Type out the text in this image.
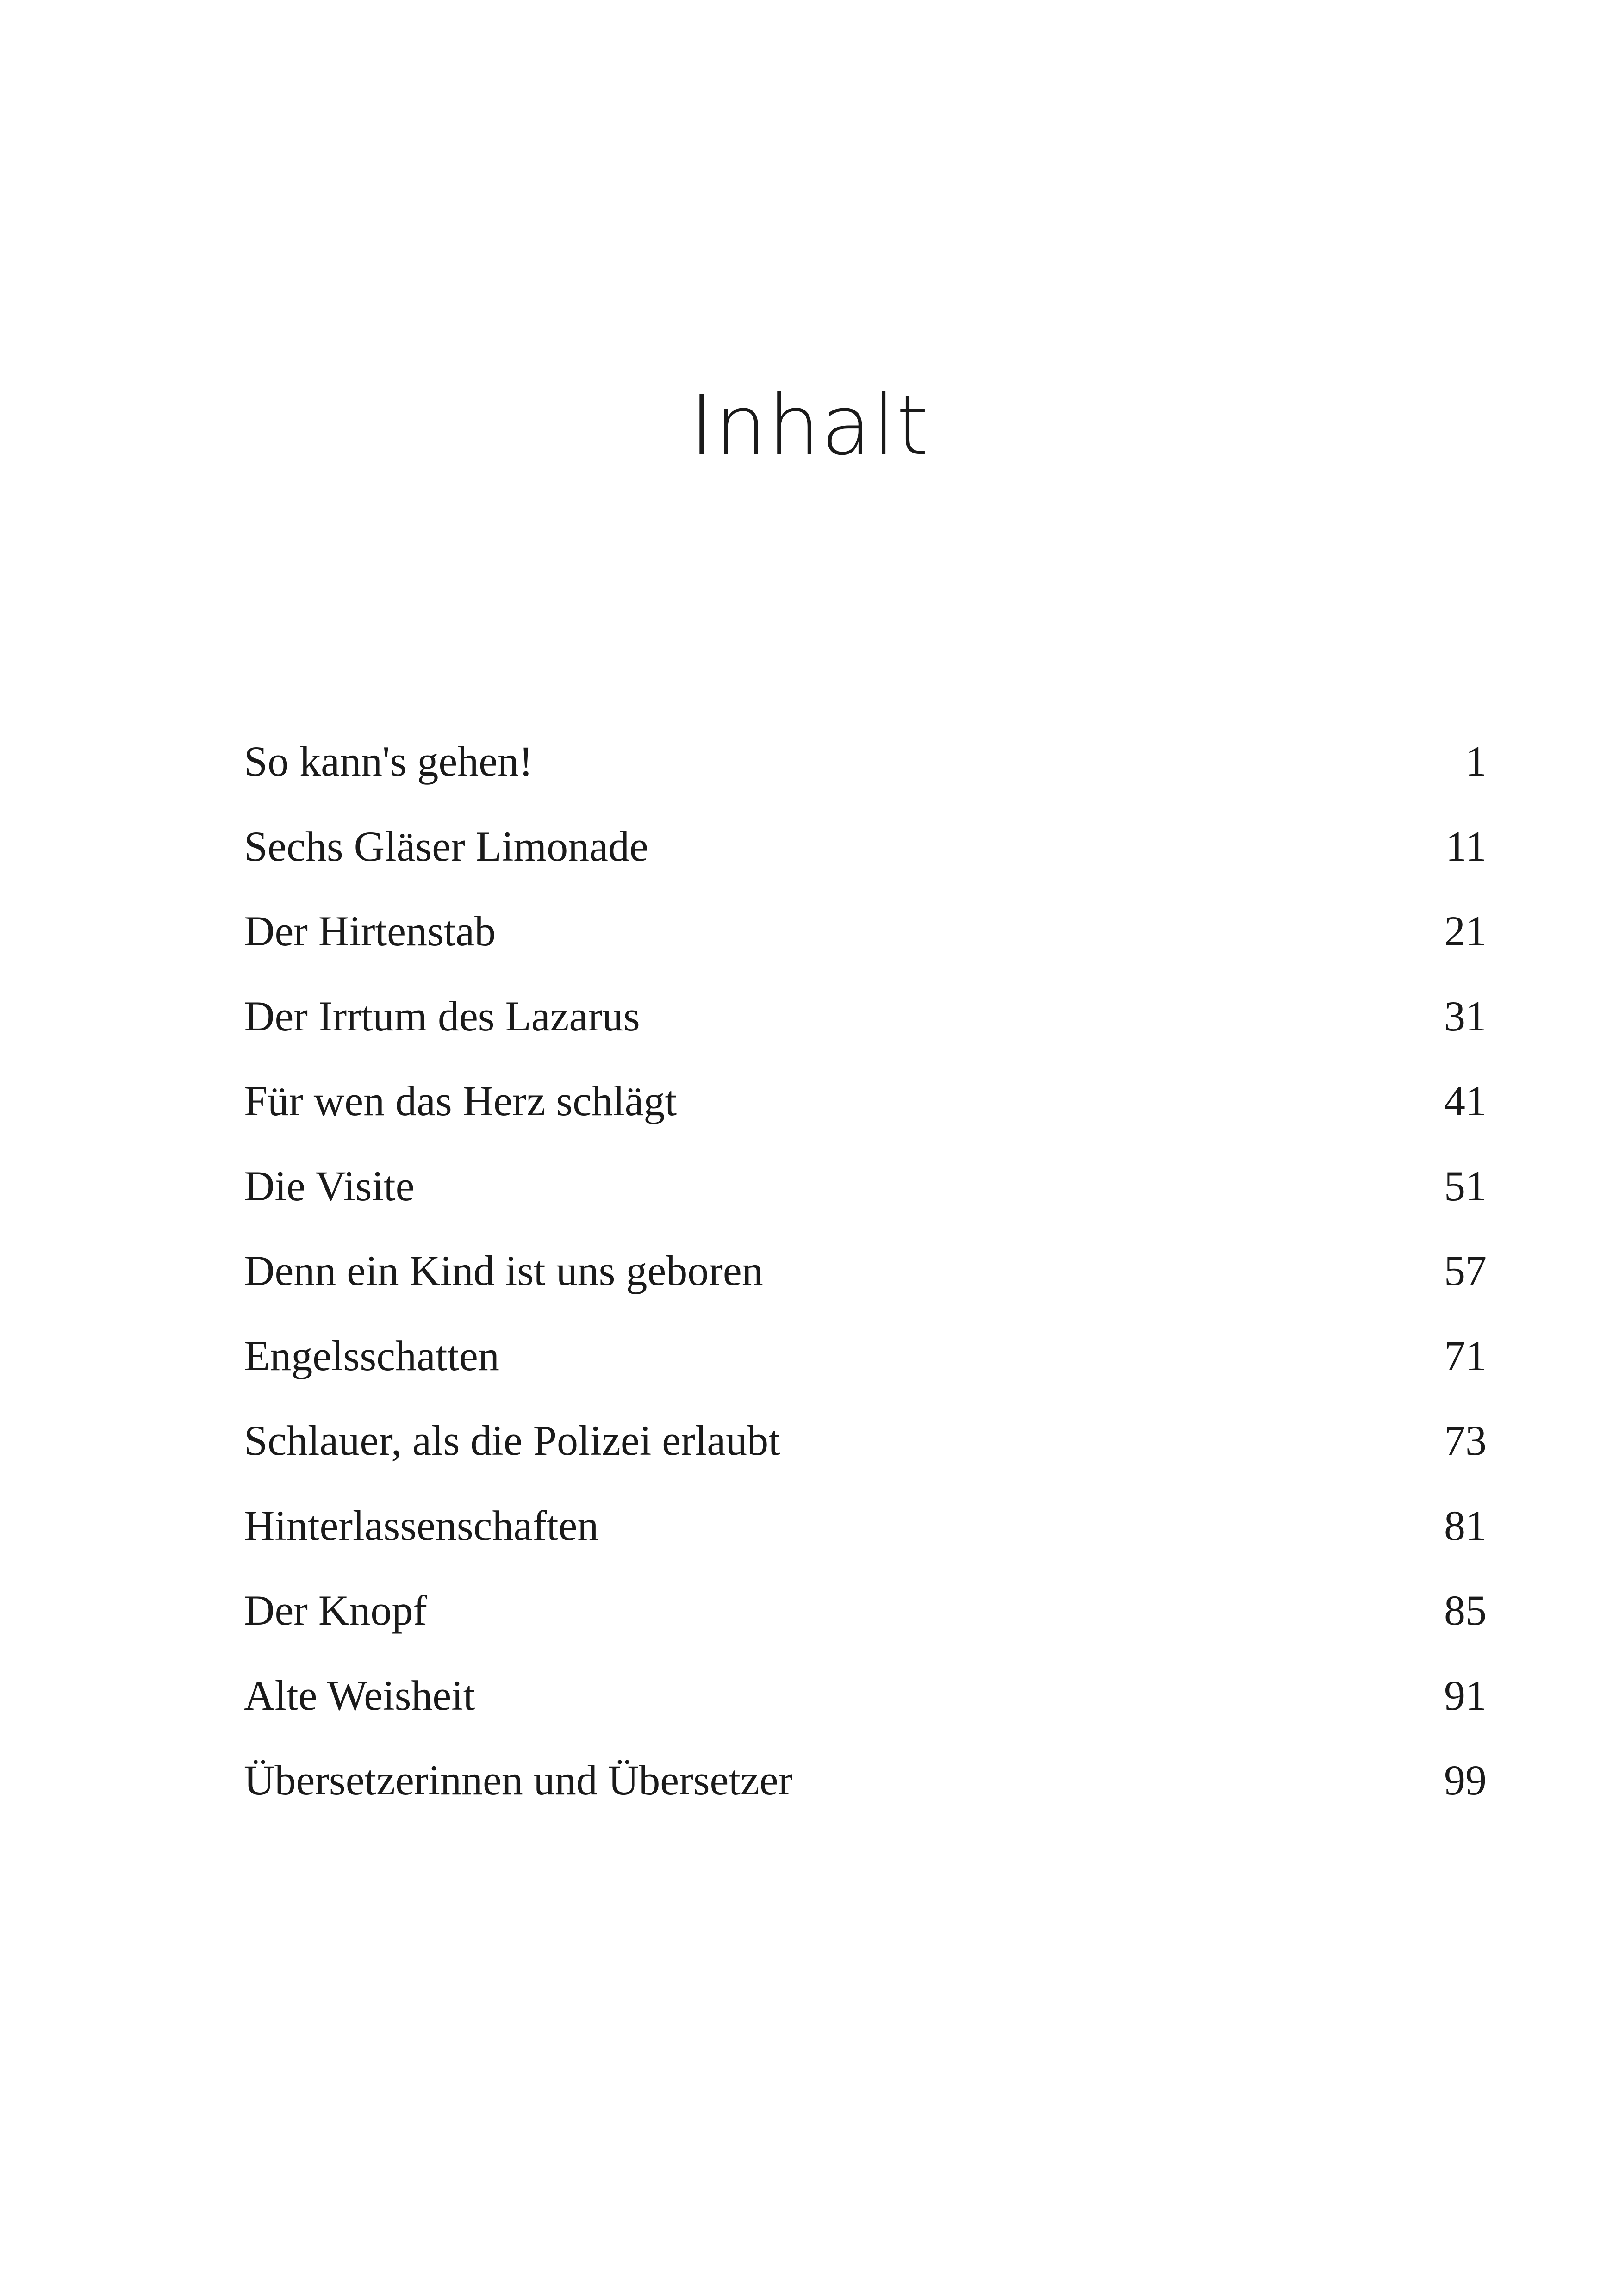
Inhalt
So kann's gehen!	1
Sechs Gläser Limonade	11
Der Hirtenstab	21
Der Irrtum des Lazarus	31
Für wen das Herz schlägt	41
Die Visite	51
Denn ein Kind ist uns geboren	57
Engelsschatten	71
Schlauer, als die Polizei erlaubt	73
Hinterlassenschaften	81
Der Knopf	85
Alte Weisheit	91
Übersetzerinnen und Übersetzer	99
